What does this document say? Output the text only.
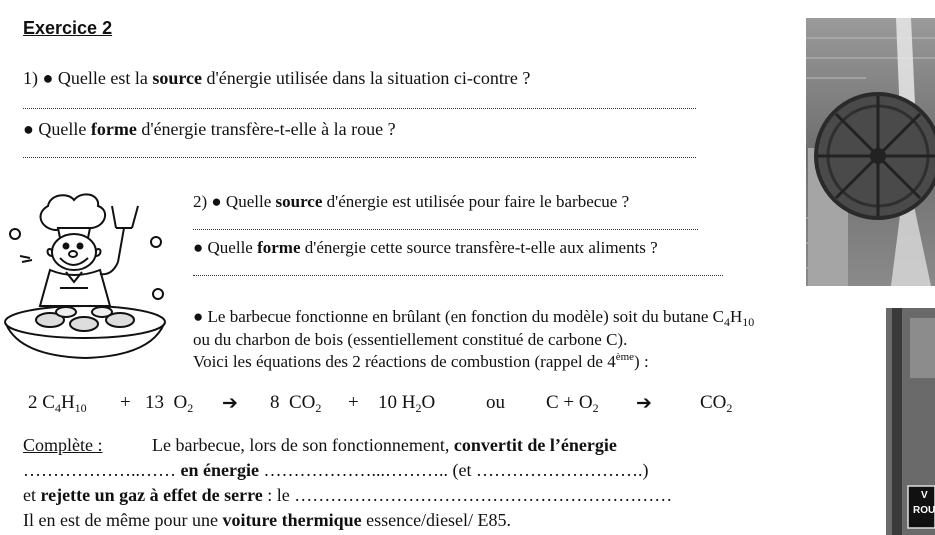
Exercice 2
1) ● Quelle est la source d'énergie utilisée dans la situation ci-contre ?
● Quelle forme d'énergie transfère-t-elle à la roue ?
2) ● Quelle source d'énergie est utilisée pour faire le barbecue ?
● Quelle forme d'énergie cette source transfère-t-elle aux aliments ?
● Le barbecue fonctionne en brûlant (en fonction du modèle) soit du butane $C_4H_{10}$
ou du charbon de bois (essentiellement constitué de carbone C).
Voici les équations des 2 réactions de combustion (rappel de 4ème) :
2 $C_4H_{10} + 13$ $O_2$ ➔ 8 $CO_2 + 10$ $H_2O$	ou $C + O_2$ ➔	$CO_2$
Complète :	Le barbecue, lors de son fonctionnement, convertit de l’énergie
………………..…… en énergie ………………...……….. (et ……………………….)
et rejette un gaz à effet de serre : le ………………………………………………………
Il en est de même pour une voiture thermique essence/diesel/ E85.
V
ROU
